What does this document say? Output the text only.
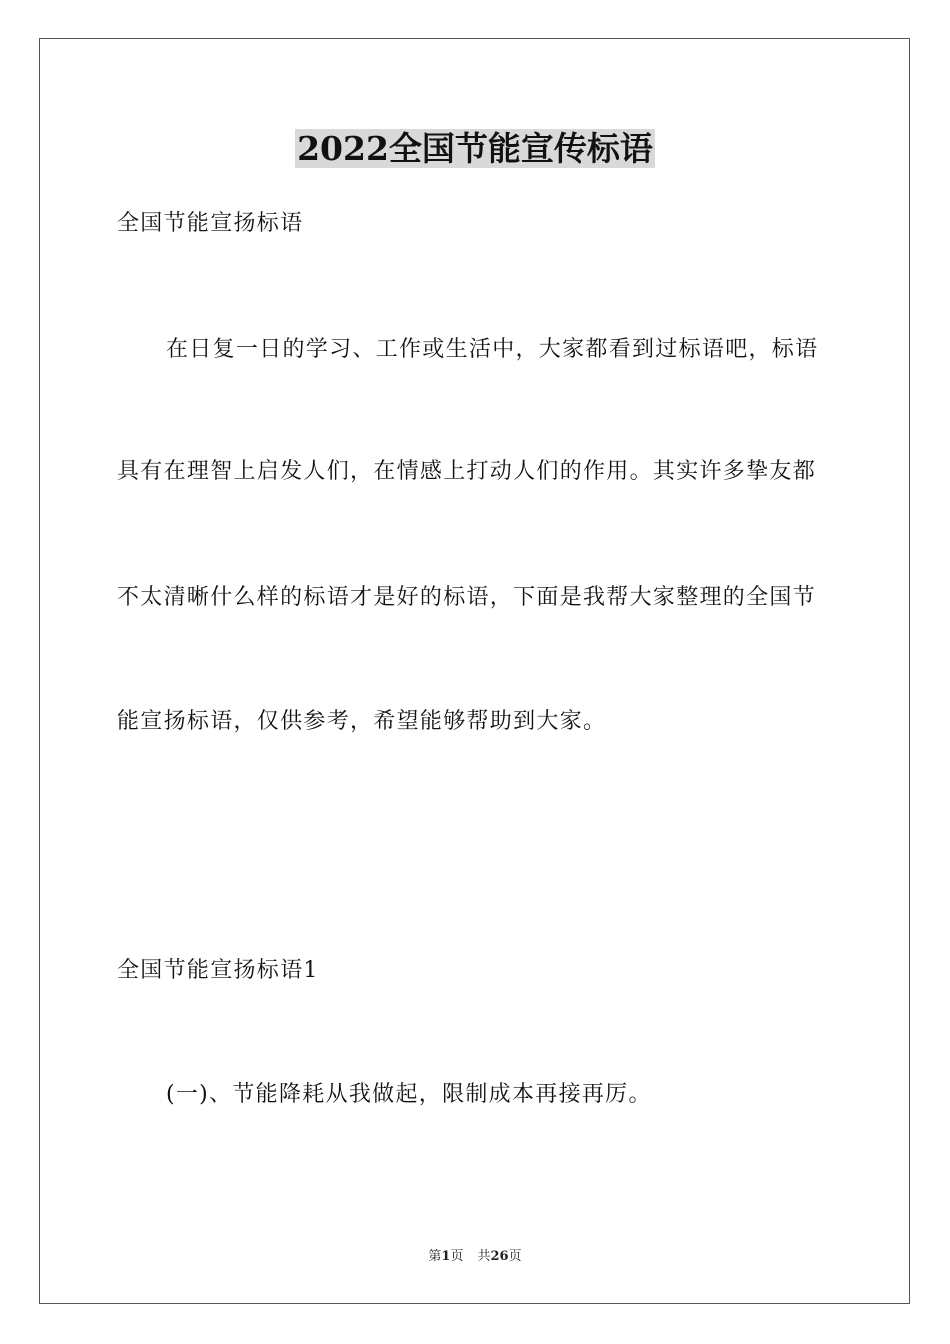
2022全国节能宣传标语
全国节能宣扬标语
在日复一日的学习、工作或生活中，大家都看到过标语吧，标语
具有在理智上启发人们，在情感上打动人们的作用。其实许多挚友都
不太清晰什么样的标语才是好的标语，下面是我帮大家整理的全国节
能宣扬标语，仅供参考，希望能够帮助到大家。
全国节能宣扬标语1
(一)、节能降耗从我做起，限制成本再接再厉。
第1页 共26页
